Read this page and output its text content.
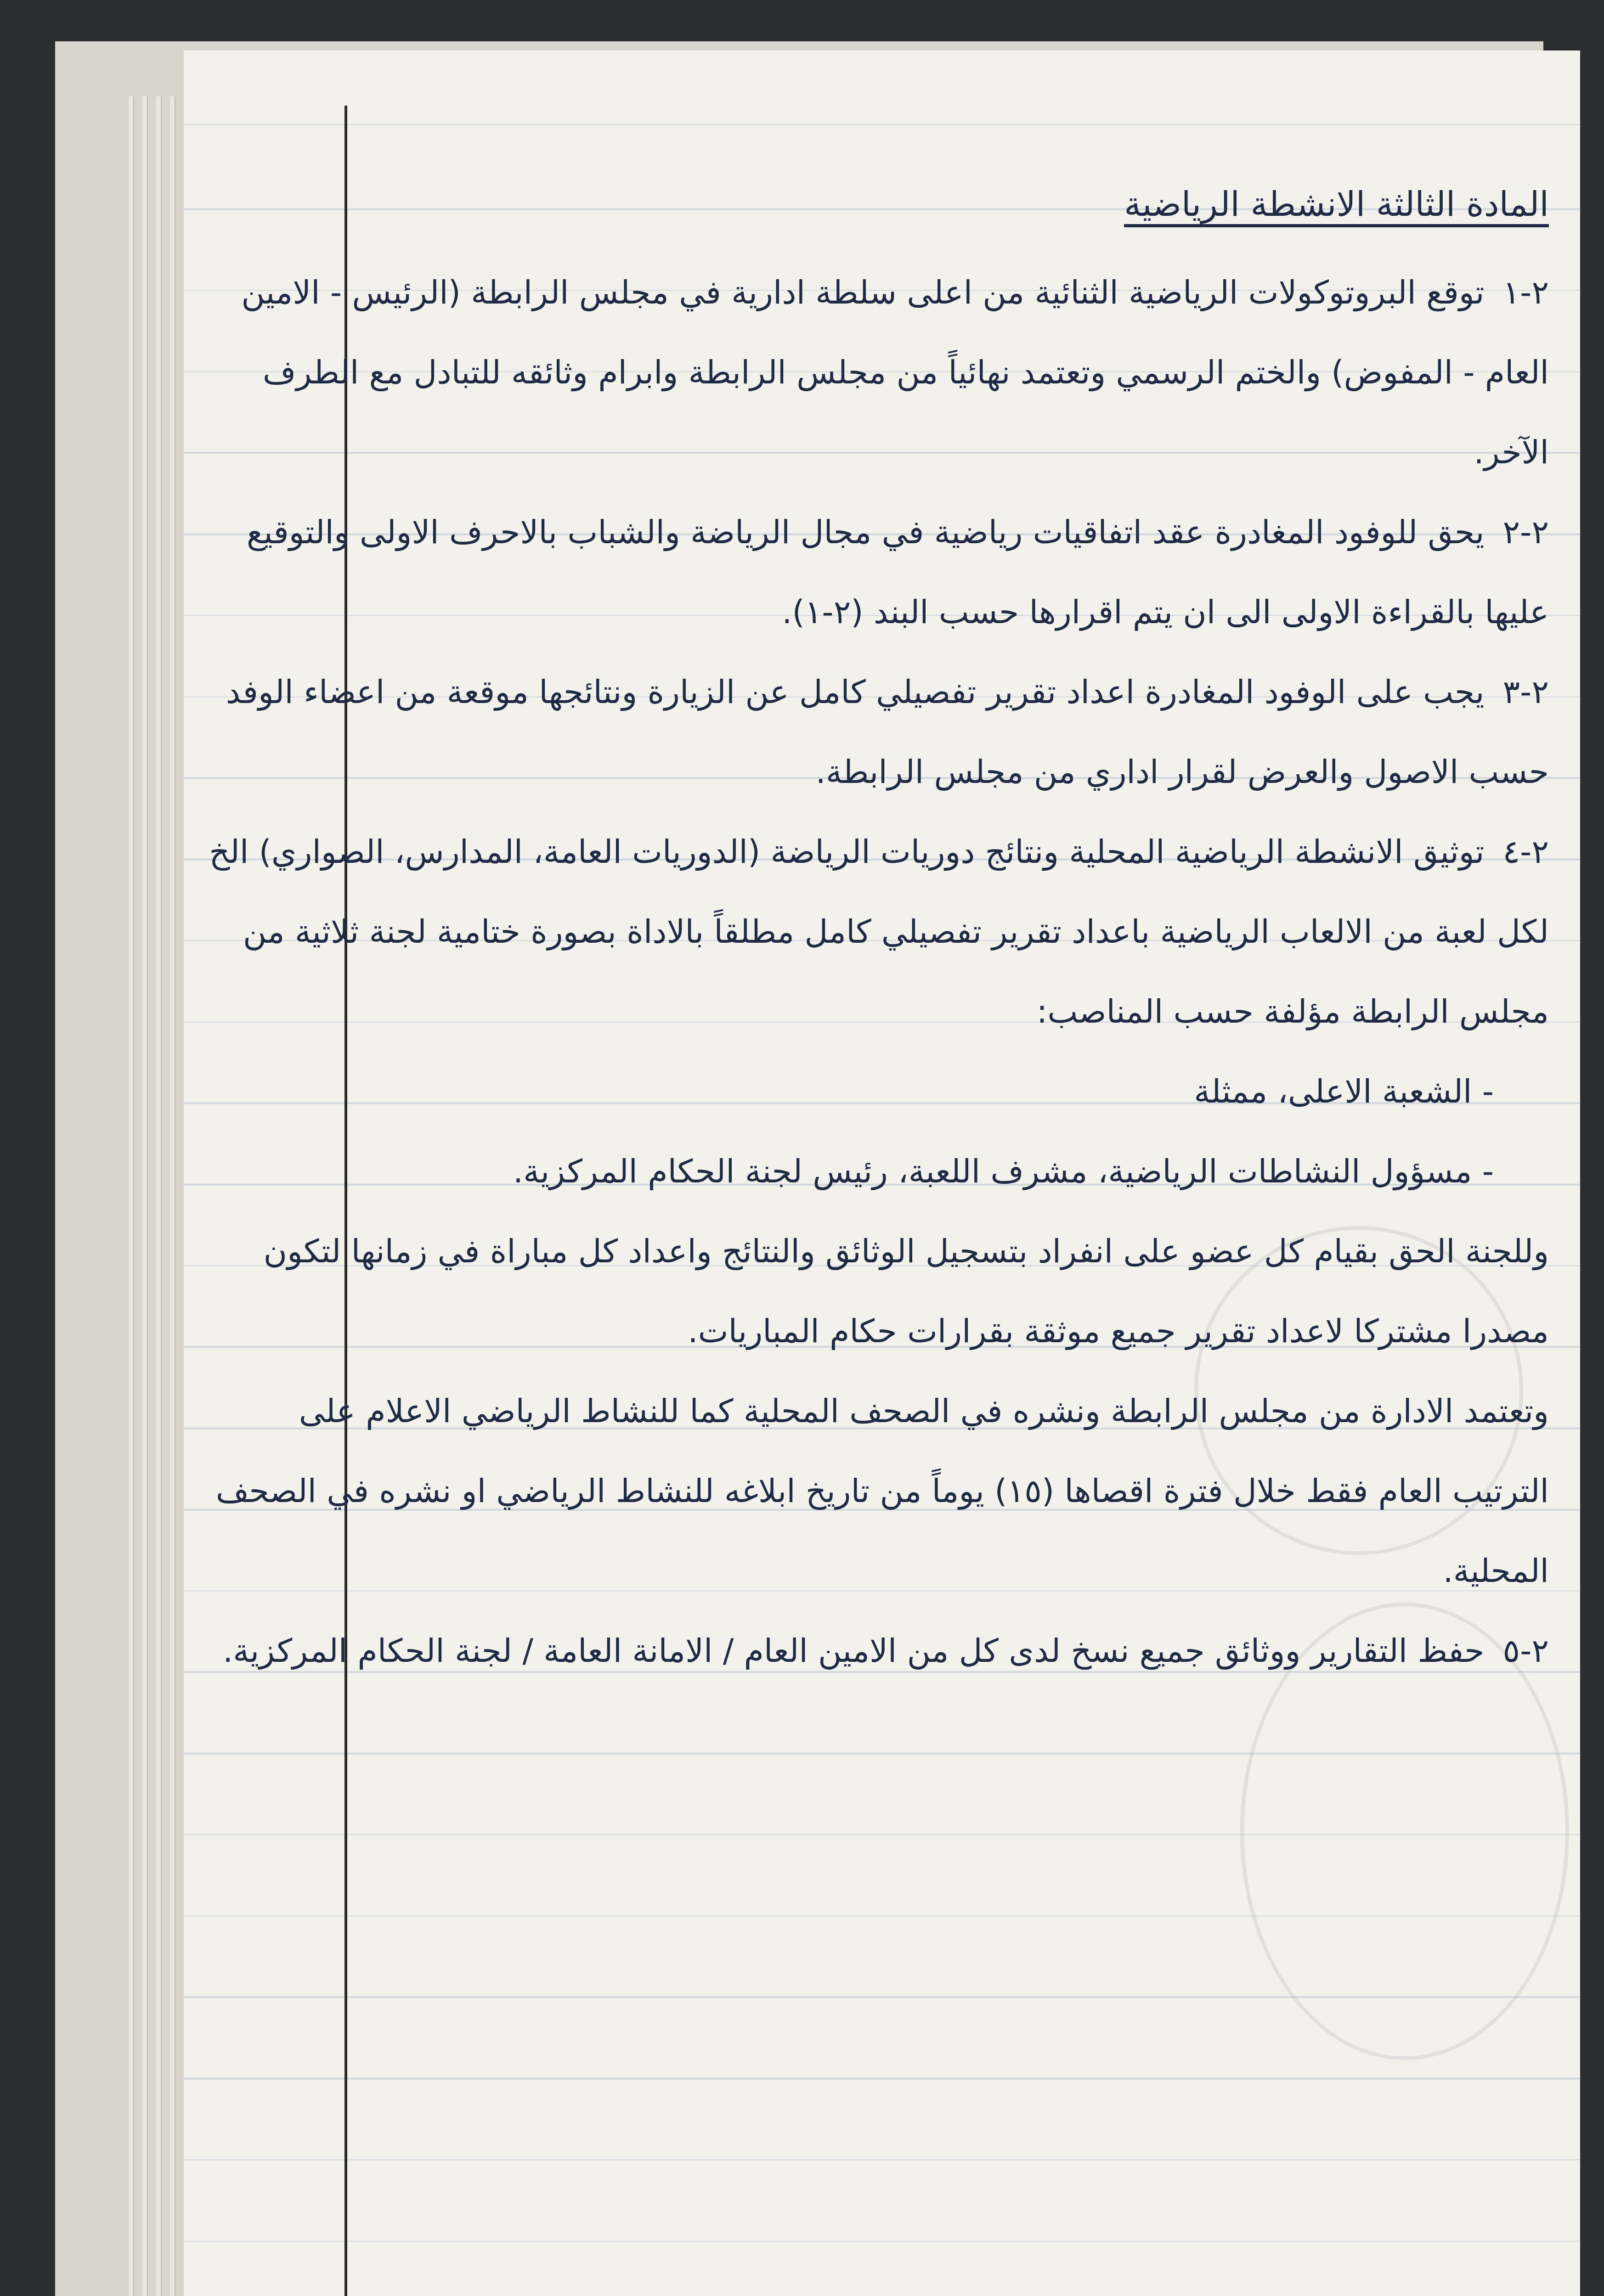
المادة الثالثة الانشطة الرياضية

٢-١توقع البروتوكولات الرياضية الثنائية من اعلى سلطة ادارية في مجلس الرابطة (الرئيس - الامين العام - المفوض) والختم الرسمي وتعتمد نهائياً من مجلس الرابطة وابرام وثائقه للتبادل مع الطرف الآخر.

٢-٢يحق للوفود المغادرة عقد اتفاقيات رياضية في مجال الرياضة والشباب بالاحرف الاولى والتوقيع عليها بالقراءة الاولى الى ان يتم اقرارها حسب البند (٢-١).

٢-٣يجب على الوفود المغادرة اعداد تقرير تفصيلي كامل عن الزيارة ونتائجها موقعة من اعضاء الوفد حسب الاصول والعرض لقرار اداري من مجلس الرابطة.

٢-٤توثيق الانشطة الرياضية المحلية ونتائج دوريات الرياضة (الدوريات العامة، المدارس، الصواري) الخ لكل لعبة من الالعاب الرياضية باعداد تقرير تفصيلي كامل مطلقاً بالاداة بصورة ختامية لجنة ثلاثية من مجلس الرابطة مؤلفة حسب المناصب:

- الشعبة الاعلى، ممثلة

- مسؤول النشاطات الرياضية، مشرف اللعبة، رئيس لجنة الحكام المركزية.

وللجنة الحق بقيام كل عضو على انفراد بتسجيل الوثائق والنتائج واعداد كل مباراة في زمانها لتكون مصدرا مشتركا لاعداد تقرير جميع موثقة بقرارات حكام المباريات.

وتعتمد الادارة من مجلس الرابطة ونشره في الصحف المحلية كما للنشاط الرياضي الاعلام على الترتيب العام فقط خلال فترة اقصاها (١٥) يوماً من تاريخ ابلاغه للنشاط الرياضي او نشره في الصحف المحلية.

٢-٥حفظ التقارير ووثائق جميع نسخ لدى كل من الامين العام / الامانة العامة / لجنة الحكام المركزية.
